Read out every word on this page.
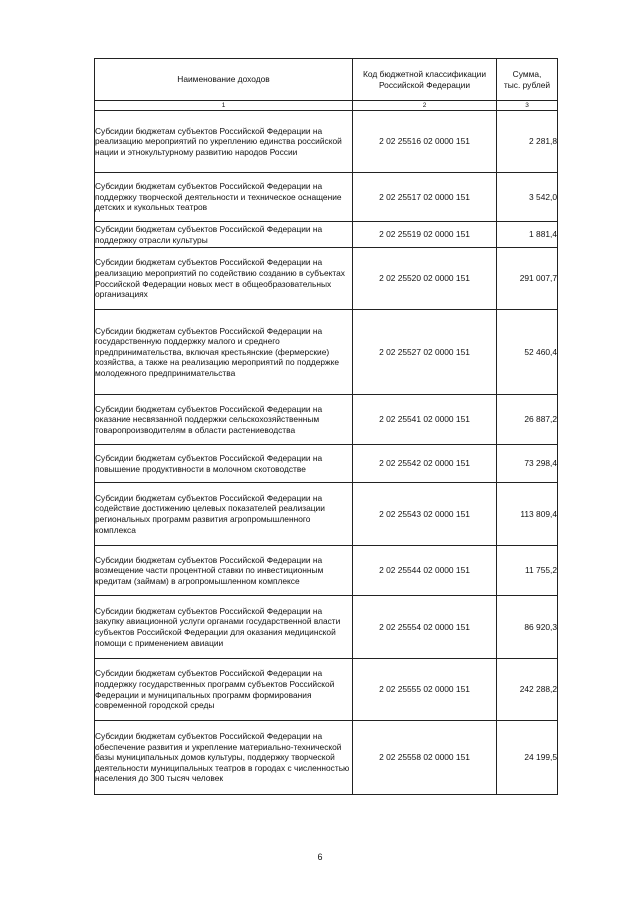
Наименование доходов	Код бюджетной классификации Российской Федерации	Сумма,
тыс. рублей
1	2	3
Субсидии бюджетам субъектов Российской Федерации на реализацию мероприятий по укреплению единства российской нации и этнокультурному развитию народов России	2 02 25516 02 0000 151	2 281,8
Субсидии бюджетам субъектов Российской Федерации на поддержку творческой деятельности и техническое оснащение детских и кукольных театров	2 02 25517 02 0000 151	3 542,0
Субсидии бюджетам субъектов Российской Федерации на поддержку отрасли культуры	2 02 25519 02 0000 151	1 881,4
Субсидии бюджетам субъектов Российской Федерации на реализацию мероприятий по содействию созданию в субъектах Российской Федерации новых мест в общеобразовательных организациях	2 02 25520 02 0000 151	291 007,7
Субсидии бюджетам субъектов Российской Федерации на государственную поддержку малого и среднего предпринимательства, включая крестьянские (фермерские) хозяйства, а также на реализацию мероприятий по поддержке молодежного предпринимательства	2 02 25527 02 0000 151	52 460,4
Субсидии бюджетам субъектов Российской Федерации на оказание несвязанной поддержки сельскохозяйственным товаропроизводителям в области растениеводства	2 02 25541 02 0000 151	26 887,2
Субсидии бюджетам субъектов Российской Федерации на повышение продуктивности в молочном скотоводстве	2 02 25542 02 0000 151	73 298,4
Субсидии бюджетам субъектов Российской Федерации на содействие достижению целевых показателей реализации региональных программ развития агропромышленного комплекса	2 02 25543 02 0000 151	113 809,4
Субсидии бюджетам субъектов Российской Федерации на возмещение части процентной ставки по инвестиционным кредитам (займам) в агропромышленном комплексе	2 02 25544 02 0000 151	11 755,2
Субсидии бюджетам субъектов Российской Федерации на закупку авиационной услуги органами государственной власти субъектов Российской Федерации для оказания медицинской помощи с применением авиации	2 02 25554 02 0000 151	86 920,3
Субсидии бюджетам субъектов Российской Федерации на поддержку государственных программ субъектов Российской Федерации и муниципальных программ формирования современной городской среды	2 02 25555 02 0000 151	242 288,2
Субсидии бюджетам субъектов Российской Федерации на обеспечение развития и укрепление материально-технической базы муниципальных домов культуры, поддержку творческой деятельности муниципальных театров в городах с численностью населения до 300 тысяч человек	2 02 25558 02 0000 151	24 199,5
6
